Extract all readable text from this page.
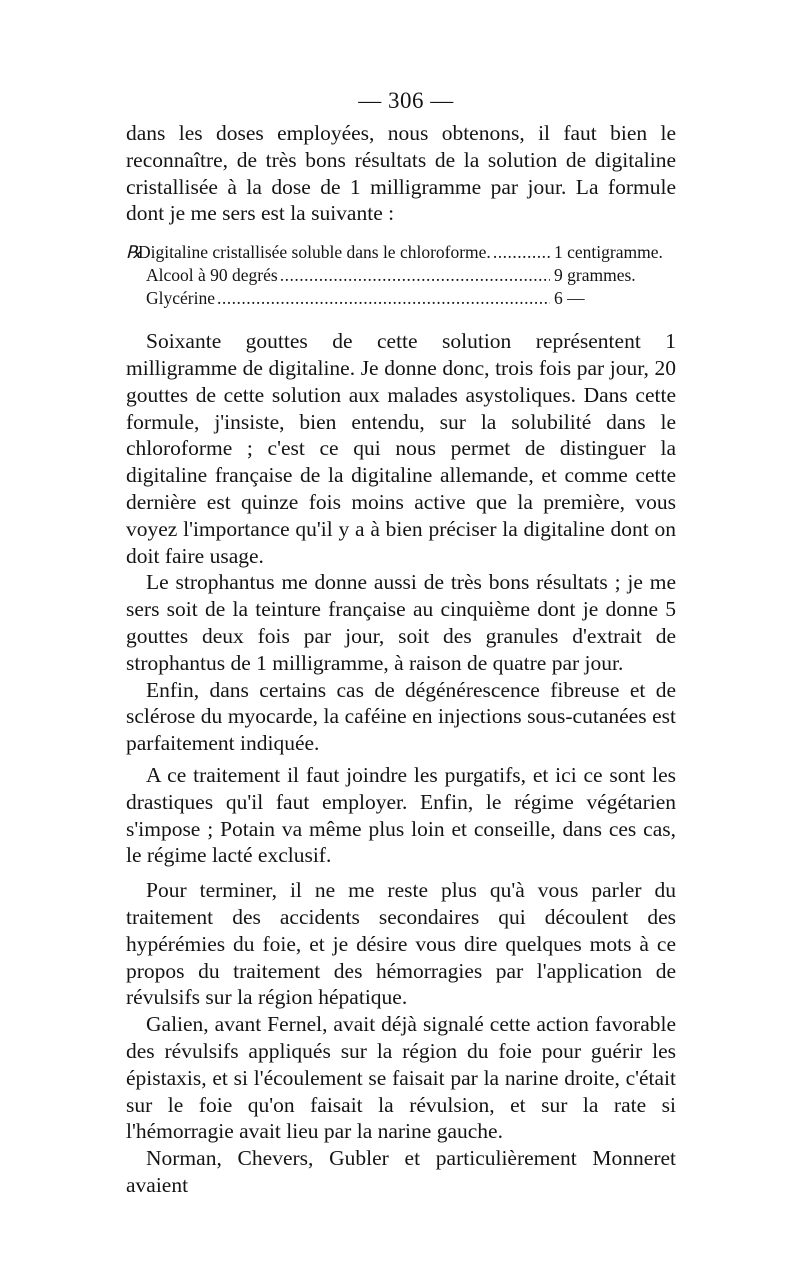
— 306 —

dans les doses employées, nous obtenons, il faut bien le reconnaître, de très bons résultats de la solution de digitaline cristallisée à la dose de 1 milligramme par jour. La formule dont je me sers est la suivante :

℞
Digitaline cristallisée soluble dans le chloroforme. .....	1 centigramme.
Alcool à 90 degrés .....	9 grammes.
Glycérine .....	6 —

Soixante gouttes de cette solution représentent 1 milligramme de digitaline. Je donne donc, trois fois par jour, 20 gouttes de cette solution aux malades asystoliques. Dans cette formule, j'insiste, bien entendu, sur la solubilité dans le chloroforme ; c'est ce qui nous permet de distinguer la digitaline française de la digitaline allemande, et comme cette dernière est quinze fois moins active que la première, vous voyez l'importance qu'il y a à bien préciser la digitaline dont on doit faire usage.

Le strophantus me donne aussi de très bons résultats ; je me sers soit de la teinture française au cinquième dont je donne 5 gouttes deux fois par jour, soit des granules d'extrait de strophantus de 1 milligramme, à raison de quatre par jour.

Enfin, dans certains cas de dégénérescence fibreuse et de sclérose du myocarde, la caféine en injections sous-cutanées est parfaitement indiquée.

A ce traitement il faut joindre les purgatifs, et ici ce sont les drastiques qu'il faut employer. Enfin, le régime végétarien s'impose ; Potain va même plus loin et conseille, dans ces cas, le régime lacté exclusif.

Pour terminer, il ne me reste plus qu'à vous parler du traitement des accidents secondaires qui découlent des hypérémies du foie, et je désire vous dire quelques mots à ce propos du traitement des hémorragies par l'application de révulsifs sur la région hépatique.

Galien, avant Fernel, avait déjà signalé cette action favorable des révulsifs appliqués sur la région du foie pour guérir les épistaxis, et si l'écoulement se faisait par la narine droite, c'était sur le foie qu'on faisait la révulsion, et sur la rate si l'hémorragie avait lieu par la narine gauche.

Norman, Chevers, Gubler et particulièrement Monneret avaient
